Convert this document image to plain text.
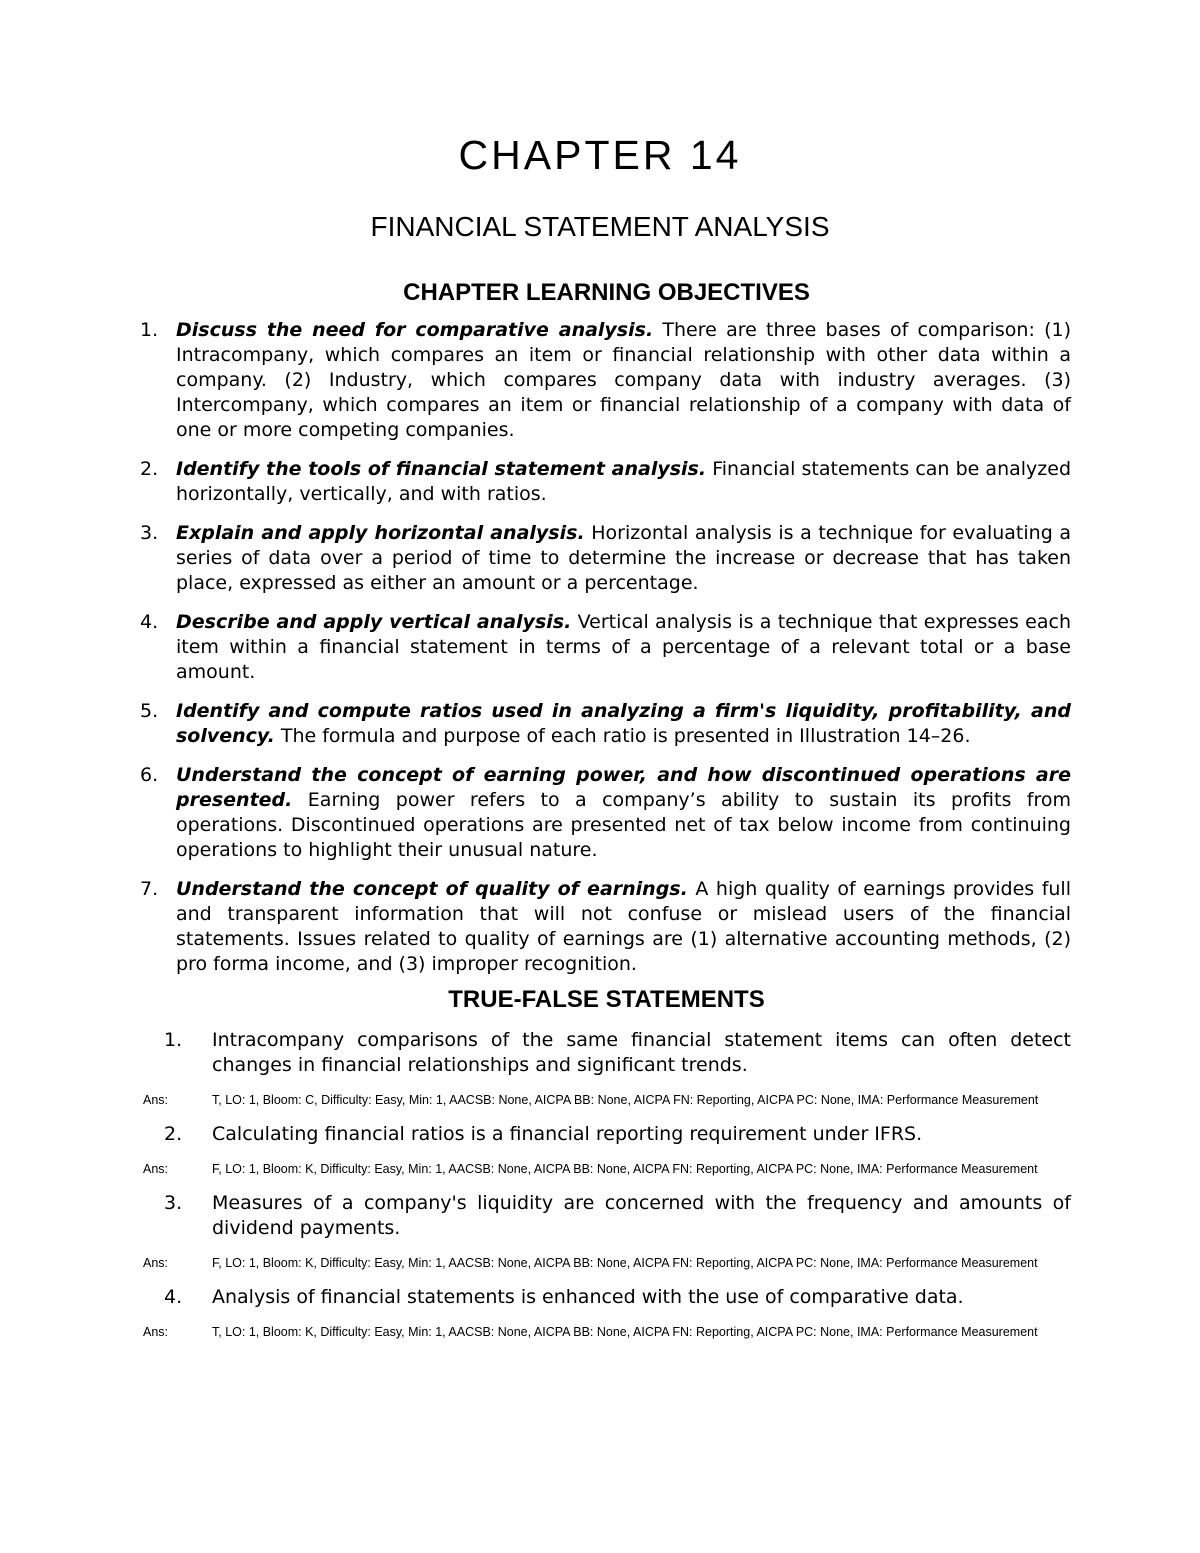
CHAPTER 14
FINANCIAL STATEMENT ANALYSIS
CHAPTER LEARNING OBJECTIVES
1. Discuss the need for comparative analysis. There are three bases of comparison: (1) Intracompany, which compares an item or financial relationship with other data within a company. (2) Industry, which compares company data with industry averages. (3) Intercompany, which compares an item or financial relationship of a company with data of one or more competing companies.
2. Identify the tools of financial statement analysis. Financial statements can be analyzed horizontally, vertically, and with ratios.
3. Explain and apply horizontal analysis. Horizontal analysis is a technique for evaluating a series of data over a period of time to determine the increase or decrease that has taken place, expressed as either an amount or a percentage.
4. Describe and apply vertical analysis. Vertical analysis is a technique that expresses each item within a financial statement in terms of a percentage of a relevant total or a base amount.
5. Identify and compute ratios used in analyzing a firm's liquidity, profitability, and solvency. The formula and purpose of each ratio is presented in Illustration 14–26.
6. Understand the concept of earning power, and how discontinued operations are presented. Earning power refers to a company’s ability to sustain its profits from operations. Discontinued operations are presented net of tax below income from continuing operations to highlight their unusual nature.
7. Understand the concept of quality of earnings. A high quality of earnings provides full and transparent information that will not confuse or mislead users of the financial statements. Issues related to quality of earnings are (1) alternative accounting methods, (2) pro forma income, and (3) improper recognition.
TRUE-FALSE STATEMENTS
1. Intracompany comparisons of the same financial statement items can often detect changes in financial relationships and significant trends.
Ans:	T, LO: 1, Bloom: C, Difficulty: Easy, Min: 1, AACSB: None, AICPA BB: None, AICPA FN: Reporting, AICPA PC: None, IMA: Performance Measurement
2. Calculating financial ratios is a financial reporting requirement under IFRS.
Ans:	F, LO: 1, Bloom: K, Difficulty: Easy, Min: 1, AACSB: None, AICPA BB: None, AICPA FN: Reporting, AICPA PC: None, IMA: Performance Measurement
3. Measures of a company's liquidity are concerned with the frequency and amounts of dividend payments.
Ans:	F, LO: 1, Bloom: K, Difficulty: Easy, Min: 1, AACSB: None, AICPA BB: None, AICPA FN: Reporting, AICPA PC: None, IMA: Performance Measurement
4. Analysis of financial statements is enhanced with the use of comparative data.
Ans:	T, LO: 1, Bloom: K, Difficulty: Easy, Min: 1, AACSB: None, AICPA BB: None, AICPA FN: Reporting, AICPA PC: None, IMA: Performance Measurement
